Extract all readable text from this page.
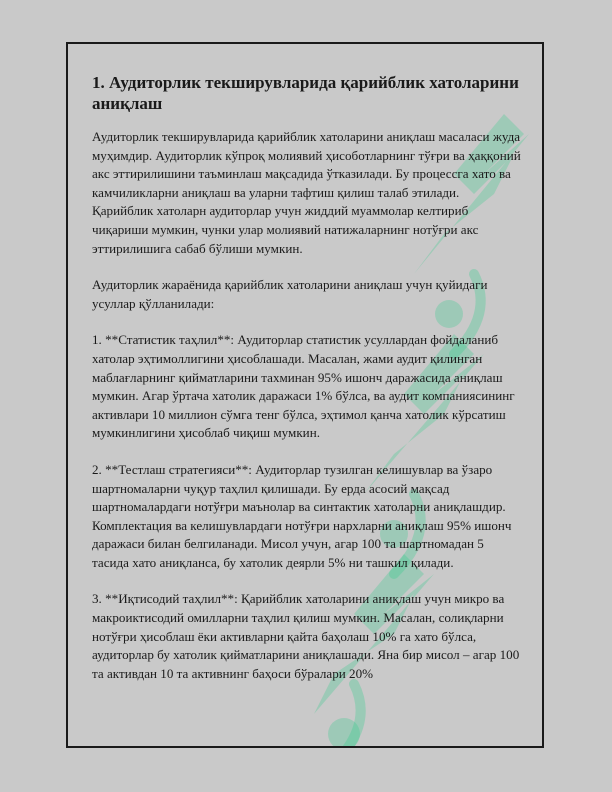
1. Аудиторлик текширувларида қарийблик хатоларини аниқлаш

Аудиторлик текширувларида қарийблик хатоларини аниқлаш масаласи жуда муҳимдир. Аудиторлик кўпроқ молиявий ҳисоботларнинг тўғри ва ҳаққоний акс эттирилишини таъминлаш мақсадида ўтказилади. Бу процессга хато ва камчиликларни аниқлаш ва уларни тафтиш қилиш талаб этилади. Қарийблик хатоларн аудиторлар учун жиддий муаммолар келтириб чиқариши мумкин, чунки улар молиявий натижаларнинг нотўғри акс эттирилишига сабаб бўлиши мумкин.

Аудиторлик жараёнида қарийблик хатоларини аниқлаш учун қуйидаги усуллар қўлланилади:

1. **Статистик таҳлил**: Аудиторлар статистик усуллардан фойдаланиб хатолар эҳтимоллигини ҳисоблашади. Масалан, жами аудит қилинган маблағларнинг қийматларини тахминан 95% ишонч даражасида аниқлаш мумкин. Агар ўртача хатолик даражаси 1% бўлса, ва аудит компаниясининг активлари 10 миллион сўмга тенг бўлса, эҳтимол қанча хатолик кўрсатиш мумкинлигини ҳисоблаб чиқиш мумкин.

2. **Тестлаш стратегияси**: Аудиторлар тузилган келишувлар ва ўзаро шартномаларни чуқур таҳлил қилишади. Бу ерда асосий мақсад шартномалардаги нотўғри маънолар ва синтактик хатоларни аниқлашдир. Комплектация ва келишувлардаги нотўғри нархларни аниқлаш 95% ишонч даражаси билан белгиланади. Мисол учун, агар 100 та шартномадан 5 тасида хато аниқланса, бу хатолик деярли 5% ни ташкил қилади.

3. **Иқтисодий таҳлил**: Қарийблик хатоларини аниқлаш учун микро ва макроиктисодий омилларни таҳлил қилиш мумкин. Масалан, солиқларни нотўғри ҳисоблаш ёки активларни қайта баҳолаш 10% га хато бўлса, аудиторлар бу хатолик қийматларини аниқлашади. Яна бир мисол – агар 100 та активдан 10 та активнинг баҳоси бўралари 20%
